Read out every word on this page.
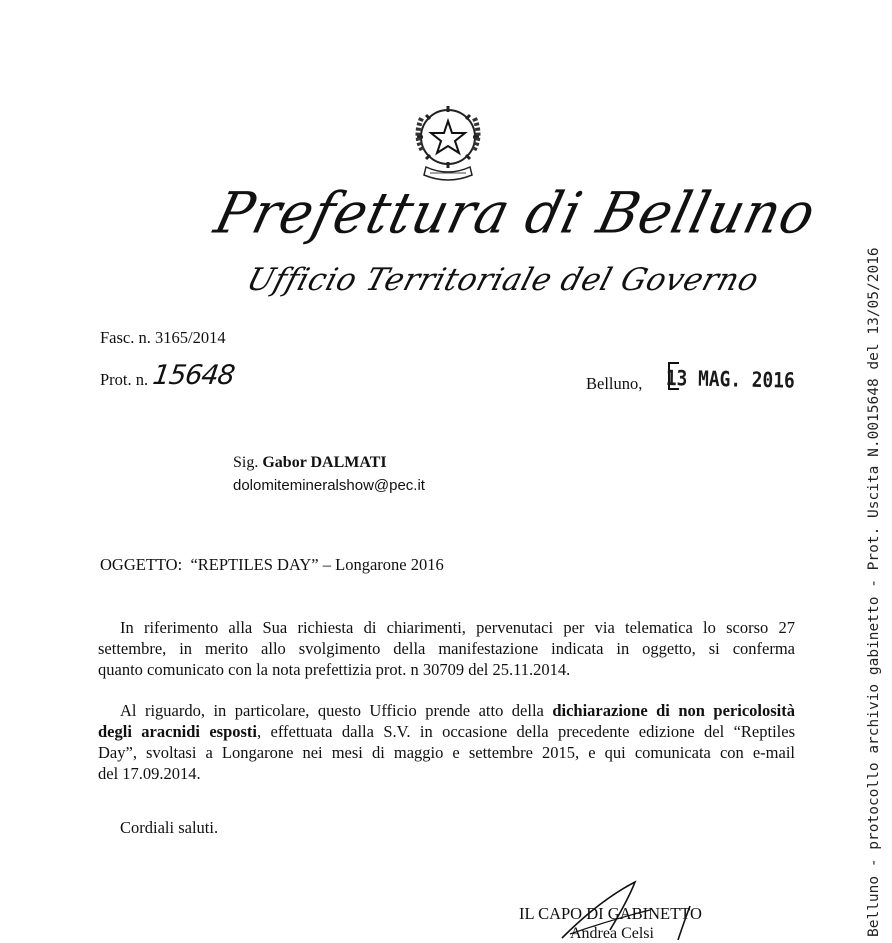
Prefettura di Belluno
Ufficio Territoriale del Governo
Fasc. n. 3165/2014
Prot. n. 15648	Belluno, 13 MAG. 2016
Sig. Gabor DALMATI
dolomitemineralshow@pec.it
OGGETTO: “REPTILES DAY” – Longarone 2016
In riferimento alla Sua richiesta di chiarimenti, pervenutaci per via telematica lo scorso 27
settembre, in merito allo svolgimento della manifestazione indicata in oggetto, si conferma
quanto comunicato con la nota prefettizia prot. n 30709 del 25.11.2014.
Al riguardo, in particolare, questo Ufficio prende atto della dichiarazione di non pericolosità
degli aracnidi esposti, effettuata dalla S.V. in occasione della precedente edizione del “Reptiles
Day”, svoltasi a Longarone nei mesi di maggio e settembre 2015, e qui comunicata con e-mail
del 17.09.2014.
Cordiali saluti.
IL CAPO DI GABINETTO
Andrea Celsi	Belluno - protocollo archivio gabinetto - Prot. Uscita N.0015648 del 13/05/2016
